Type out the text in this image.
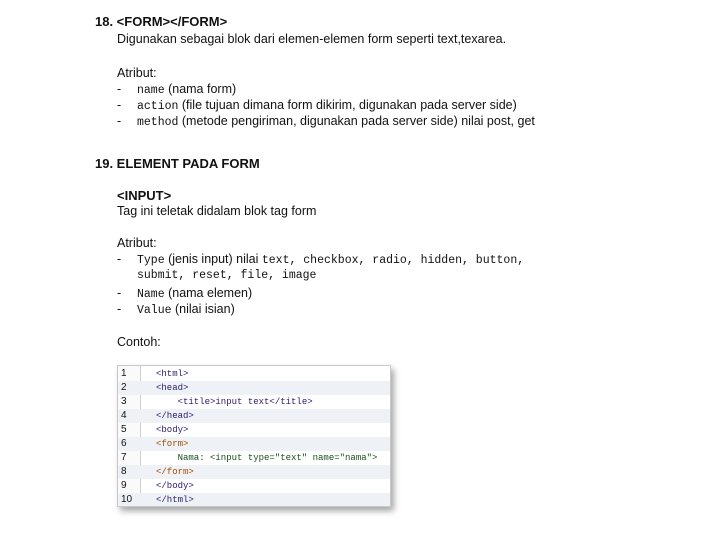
18. <FORM></FORM>
Digunakan sebagai blok dari elemen-elemen form seperti text,texarea.
Atribut:
- name (nama form)
- action (file tujuan dimana form dikirim, digunakan pada server side)
- method (metode pengiriman, digunakan pada server side) nilai post, get
19. ELEMENT PADA FORM
<INPUT>
Tag ini teletak didalam blok tag form
Atribut:
- Type (jenis input) nilai text, checkbox, radio, hidden, button,
submit, reset, file, image
- Name (nama elemen)
- Value (nilai isian)
Contoh:
1	<html>
2	<head>
3	<title>input text</title>
4	</head>
5	<body>
6	<form>
7	Nama: <input type="text" name="nama">
8	</form>
9	</body>
10	</html>
